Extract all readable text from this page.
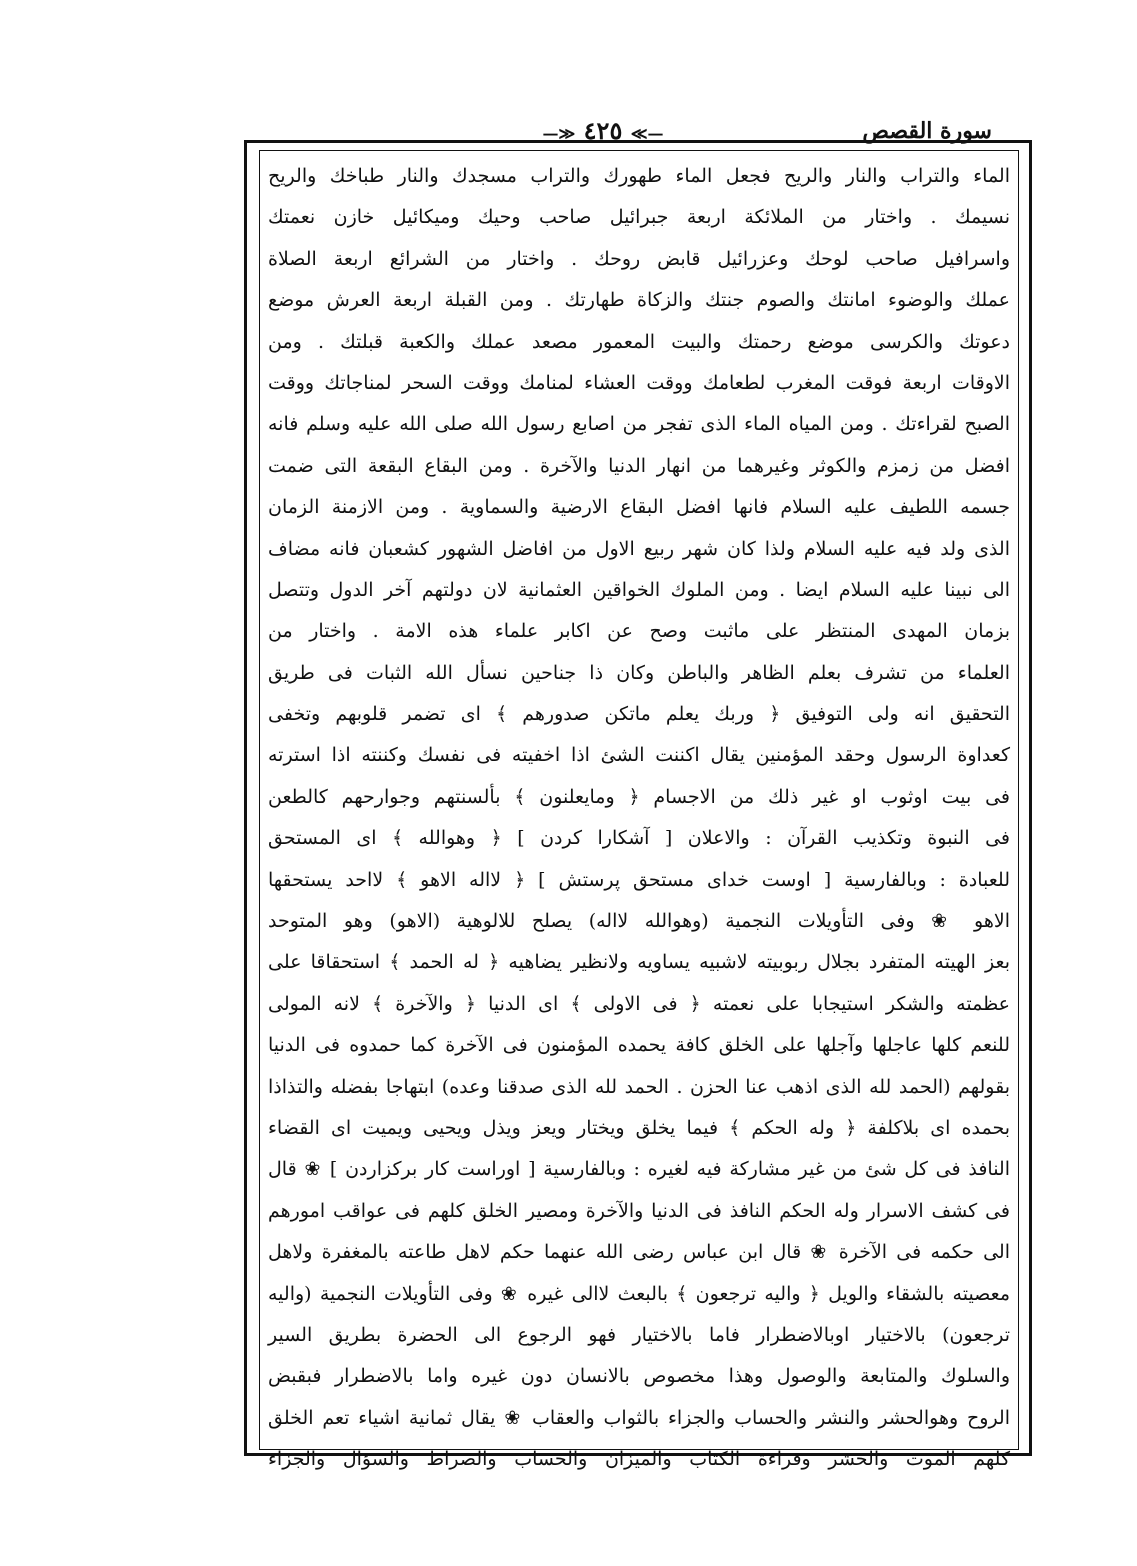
سورة القصص
—≫ ٤٢٥ ≪—
الماء والتراب والنار والريح فجعل الماء طهورك والتراب مسجدك والنار طباخك والريح
نسيمك . واختار من الملائكة اربعة جبرائيل صاحب وحيك وميكائيل خازن نعمتك
واسرافيل صاحب لوحك وعزرائيل قابض روحك . واختار من الشرائع اربعة الصلاة
عملك والوضوء امانتك والصوم جنتك والزكاة طهارتك . ومن القبلة اربعة العرش موضع
دعوتك والكرسى موضع رحمتك والبيت المعمور مصعد عملك والكعبة قبلتك . ومن
الاوقات اربعة فوقت المغرب لطعامك ووقت العشاء لمنامك ووقت السحر لمناجاتك ووقت
الصبح لقراءتك . ومن المياه الماء الذى تفجر من اصابع رسول الله صلى الله عليه وسلم فانه
افضل من زمزم والكوثر وغيرهما من انهار الدنيا والآخرة . ومن البقاع البقعة التى ضمت
جسمه اللطيف عليه السلام فانها افضل البقاع الارضية والسماوية . ومن الازمنة الزمان
الذى ولد فيه عليه السلام ولذا كان شهر ربيع الاول من افاضل الشهور كشعبان فانه مضاف
الى نبينا عليه السلام ايضا . ومن الملوك الخواقين العثمانية لان دولتهم آخر الدول وتتصل
بزمان المهدى المنتظر على ماثبت وصح عن اكابر علماء هذه الامة . واختار من
العلماء من تشرف بعلم الظاهر والباطن وكان ذا جناحين نسأل الله الثبات فى طريق
التحقيق انه ولى التوفيق ﴿ وربك يعلم ماتكن صدورهم ﴾ اى تضمر قلوبهم وتخفى
كعداوة الرسول وحقد المؤمنين يقال اكننت الشئ اذا اخفيته فى نفسك وكننته اذا استرته
فى بيت اوثوب او غير ذلك من الاجسام ﴿ ومايعلنون ﴾ بألسنتهم وجوارحهم كالطعن
فى النبوة وتكذيب القرآن : والاعلان [ آشكارا كردن ] ﴿ وهوالله ﴾ اى المستحق
للعبادة : وبالفارسية [ اوست خداى مستحق پرستش ] ﴿ لااله الاهو ﴾ لااحد يستحقها
الاهو ❀ وفى التأويلات النجمية (وهوالله لااله) يصلح للالوهية (الاهو) وهو المتوحد
بعز الهيته المتفرد بجلال ربوبيته لاشبيه يساويه ولانظير يضاهيه ﴿ له الحمد ﴾ استحقاقا على
عظمته والشكر استيجابا على نعمته ﴿ فى الاولى ﴾ اى الدنيا ﴿ والآخرة ﴾ لانه المولى
للنعم كلها عاجلها وآجلها على الخلق كافة يحمده المؤمنون فى الآخرة كما حمدوه فى الدنيا
بقولهم (الحمد لله الذى اذهب عنا الحزن . الحمد لله الذى صدقنا وعده) ابتهاجا بفضله والتذاذا
بحمده اى بلاكلفة ﴿ وله الحكم ﴾ فيما يخلق ويختار ويعز ويذل ويحيى ويميت اى القضاء
النافذ فى كل شئ من غير مشاركة فيه لغيره : وبالفارسية [ اوراست كار بركزاردن ] ❀ قال
فى كشف الاسرار وله الحكم النافذ فى الدنيا والآخرة ومصير الخلق كلهم فى عواقب امورهم
الى حكمه فى الآخرة ❀ قال ابن عباس رضى الله عنهما حكم لاهل طاعته بالمغفرة ولاهل
معصيته بالشقاء والويل ﴿ واليه ترجعون ﴾ بالبعث لاالى غيره ❀ وفى التأويلات النجمية (واليه
ترجعون) بالاختيار اوبالاضطرار فاما بالاختيار فهو الرجوع الى الحضرة بطريق السير
والسلوك والمتابعة والوصول وهذا مخصوص بالانسان دون غيره واما بالاضطرار فبقبض
الروح وهوالحشر والنشر والحساب والجزاء بالثواب والعقاب ❀ يقال ثمانية اشياء تعم الخلق
كلهم الموت والحشر وقراءة الكتاب والميزان والحساب والصراط والسؤال والجزاء
